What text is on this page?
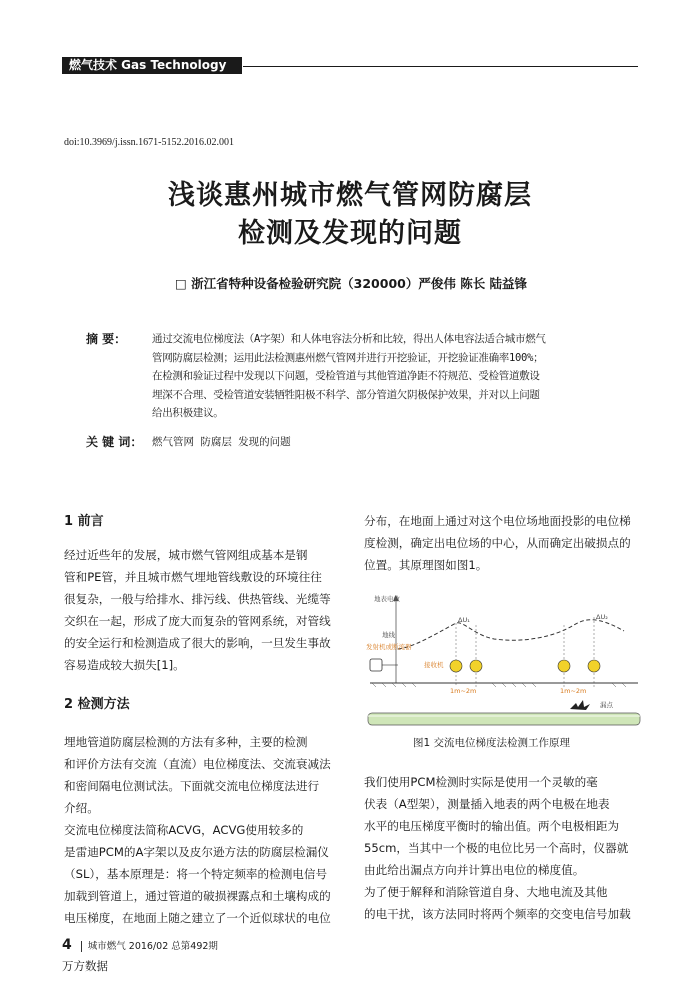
燃气技术 Gas Technology
doi:10.3969/j.issn.1671-5152.2016.02.001
浅谈惠州城市燃气管网防腐层
检测及发现的问题
□ 浙江省特种设备检验研究院（320000）严俊伟 陈长 陆益锋
摘 要： 通过交流电位梯度法（A字架）和人体电容法分析和比较，得出人体电容法适合城市燃气
管网防腐层检测；运用此法检测惠州燃气管网并进行开挖验证，开挖验证准确率100%；
在检测和验证过程中发现以下问题，受检管道与其他管道净距不符规范、受检管道敷设
埋深不合理、受检管道安装牺牲阳极不科学、部分管道欠阴极保护效果，并对以上问题
给出积极建议。
关 键 词： 燃气管网 防腐层 发现的问题
1 前言
经过近些年的发展，城市燃气管网组成基本是钢
管和PE管，并且城市燃气埋地管线敷设的环境往往
很复杂，一般与给排水、排污线、供热管线、光缆等
交织在一起，形成了庞大而复杂的管网系统，对管线
的安全运行和检测造成了很大的影响，一旦发生事故
容易造成较大损失[1]。
2 检测方法
埋地管道防腐层检测的方法有多种，主要的检测
和评价方法有交流（直流）电位梯度法、交流衰减法
和密间隔电位测试法。下面就交流电位梯度法进行
介绍。
交流电位梯度法简称ACVG，ACVG使用较多的
是雷迪PCM的A字架以及皮尔逊方法的防腐层检漏仪
（SL），基本原理是：将一个特定频率的检测电信号
加载到管道上，通过管道的破损裸露点和土壤构成的
电压梯度，在地面上随之建立了一个近似球状的电位
分布，在地面上通过对这个电位场地面投影的电位梯
度检测，确定出电位场的中心，从而确定出破损点的
位置。其原理图如图1。
地表电位
ΔU₁	ΔU₂
地线
发射机或断流器
接收机
1m~2m	1m~2m
漏点
图1 交流电位梯度法检测工作原理
我们使用PCM检测时实际是使用一个灵敏的毫
伏表（A型架），测量插入地表的两个电极在地表
水平的电压梯度平衡时的输出值。两个电极相距为
55cm，当其中一个极的电位比另一个高时，仪器就
由此给出漏点方向并计算出电位的梯度值。
为了便于解释和消除管道自身、大地电流及其他
的电干扰，该方法同时将两个频率的交变电信号加载
4 城市燃气 2016/02 总第492期
万方数据
